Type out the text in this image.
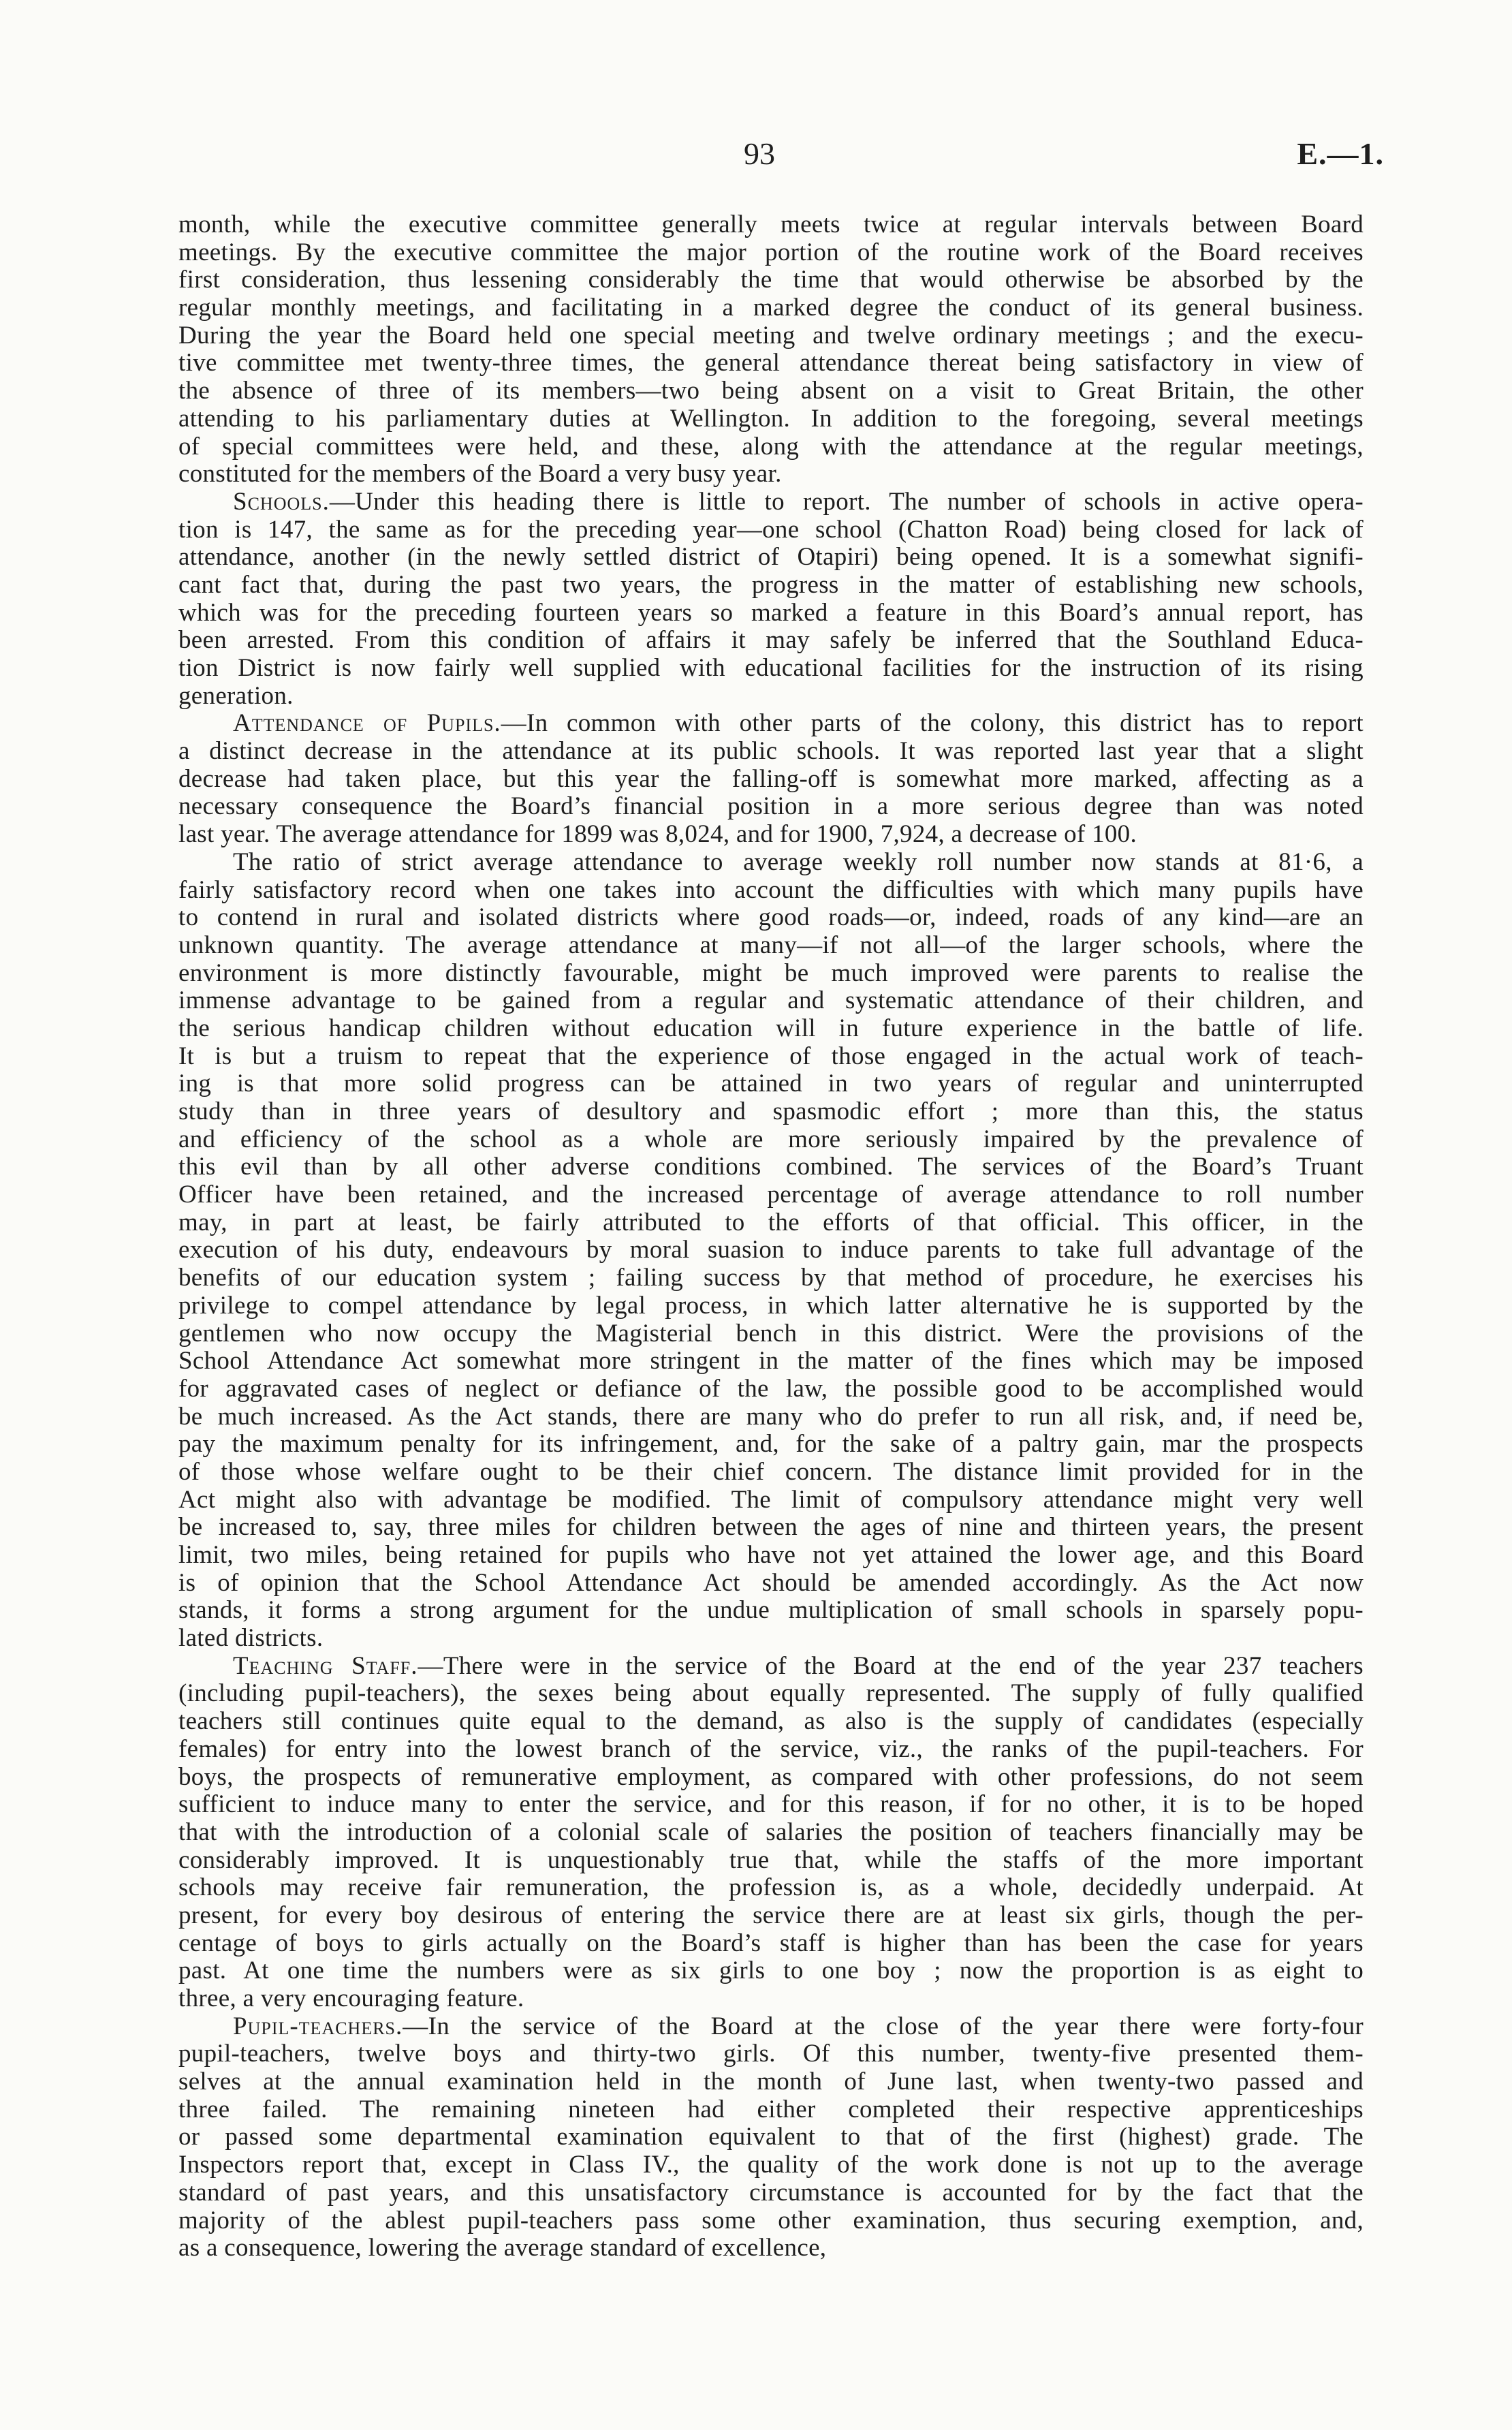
93	E.—1.
month, while the executive committee generally meets twice at regular intervals between Board
meetings. By the executive committee the major portion of the routine work of the Board receives
first consideration, thus lessening considerably the time that would otherwise be absorbed by the
regular monthly meetings, and facilitating in a marked degree the conduct of its general business.
During the year the Board held one special meeting and twelve ordinary meetings ; and the execu-
tive committee met twenty-three times, the general attendance thereat being satisfactory in view of
the absence of three of its members—two being absent on a visit to Great Britain, the other
attending to his parliamentary duties at Wellington. In addition to the foregoing, several meetings
of special committees were held, and these, along with the attendance at the regular meetings,
constituted for the members of the Board a very busy year.
Schools.—Under this heading there is little to report. The number of schools in active opera-
tion is 147, the same as for the preceding year—one school (Chatton Road) being closed for lack of
attendance, another (in the newly settled district of Otapiri) being opened. It is a somewhat signifi-
cant fact that, during the past two years, the progress in the matter of establishing new schools,
which was for the preceding fourteen years so marked a feature in this Board’s annual report, has
been arrested. From this condition of affairs it may safely be inferred that the Southland Educa-
tion District is now fairly well supplied with educational facilities for the instruction of its rising
generation.
Attendance of Pupils.—In common with other parts of the colony, this district has to report
a distinct decrease in the attendance at its public schools. It was reported last year that a slight
decrease had taken place, but this year the falling-off is somewhat more marked, affecting as a
necessary consequence the Board’s financial position in a more serious degree than was noted
last year. The average attendance for 1899 was 8,024, and for 1900, 7,924, a decrease of 100.
The ratio of strict average attendance to average weekly roll number now stands at 81·6, a
fairly satisfactory record when one takes into account the difficulties with which many pupils have
to contend in rural and isolated districts where good roads—or, indeed, roads of any kind—are an
unknown quantity. The average attendance at many—if not all—of the larger schools, where the
environment is more distinctly favourable, might be much improved were parents to realise the
immense advantage to be gained from a regular and systematic attendance of their children, and
the serious handicap children without education will in future experience in the battle of life.
It is but a truism to repeat that the experience of those engaged in the actual work of teach-
ing is that more solid progress can be attained in two years of regular and uninterrupted
study than in three years of desultory and spasmodic effort ; more than this, the status
and efficiency of the school as a whole are more seriously impaired by the prevalence of
this evil than by all other adverse conditions combined. The services of the Board’s Truant
Officer have been retained, and the increased percentage of average attendance to roll number
may, in part at least, be fairly attributed to the efforts of that official. This officer, in the
execution of his duty, endeavours by moral suasion to induce parents to take full advantage of the
benefits of our education system ; failing success by that method of procedure, he exercises his
privilege to compel attendance by legal process, in which latter alternative he is supported by the
gentlemen who now occupy the Magisterial bench in this district. Were the provisions of the
School Attendance Act somewhat more stringent in the matter of the fines which may be imposed
for aggravated cases of neglect or defiance of the law, the possible good to be accomplished would
be much increased. As the Act stands, there are many who do prefer to run all risk, and, if need be,
pay the maximum penalty for its infringement, and, for the sake of a paltry gain, mar the prospects
of those whose welfare ought to be their chief concern. The distance limit provided for in the
Act might also with advantage be modified. The limit of compulsory attendance might very well
be increased to, say, three miles for children between the ages of nine and thirteen years, the present
limit, two miles, being retained for pupils who have not yet attained the lower age, and this Board
is of opinion that the School Attendance Act should be amended accordingly. As the Act now
stands, it forms a strong argument for the undue multiplication of small schools in sparsely popu-
lated districts.
Teaching Staff.—There were in the service of the Board at the end of the year 237 teachers
(including pupil-teachers), the sexes being about equally represented. The supply of fully qualified
teachers still continues quite equal to the demand, as also is the supply of candidates (especially
females) for entry into the lowest branch of the service, viz., the ranks of the pupil-teachers. For
boys, the prospects of remunerative employment, as compared with other professions, do not seem
sufficient to induce many to enter the service, and for this reason, if for no other, it is to be hoped
that with the introduction of a colonial scale of salaries the position of teachers financially may be
considerably improved. It is unquestionably true that, while the staffs of the more important
schools may receive fair remuneration, the profession is, as a whole, decidedly underpaid. At
present, for every boy desirous of entering the service there are at least six girls, though the per-
centage of boys to girls actually on the Board’s staff is higher than has been the case for years
past. At one time the numbers were as six girls to one boy ; now the proportion is as eight to
three, a very encouraging feature.
Pupil-teachers.—In the service of the Board at the close of the year there were forty-four
pupil-teachers, twelve boys and thirty-two girls. Of this number, twenty-five presented them-
selves at the annual examination held in the month of June last, when twenty-two passed and
three failed. The remaining nineteen had either completed their respective apprenticeships
or passed some departmental examination equivalent to that of the first (highest) grade. The
Inspectors report that, except in Class IV., the quality of the work done is not up to the average
standard of past years, and this unsatisfactory circumstance is accounted for by the fact that the
majority of the ablest pupil-teachers pass some other examination, thus securing exemption, and,
as a consequence, lowering the average standard of excellence,
